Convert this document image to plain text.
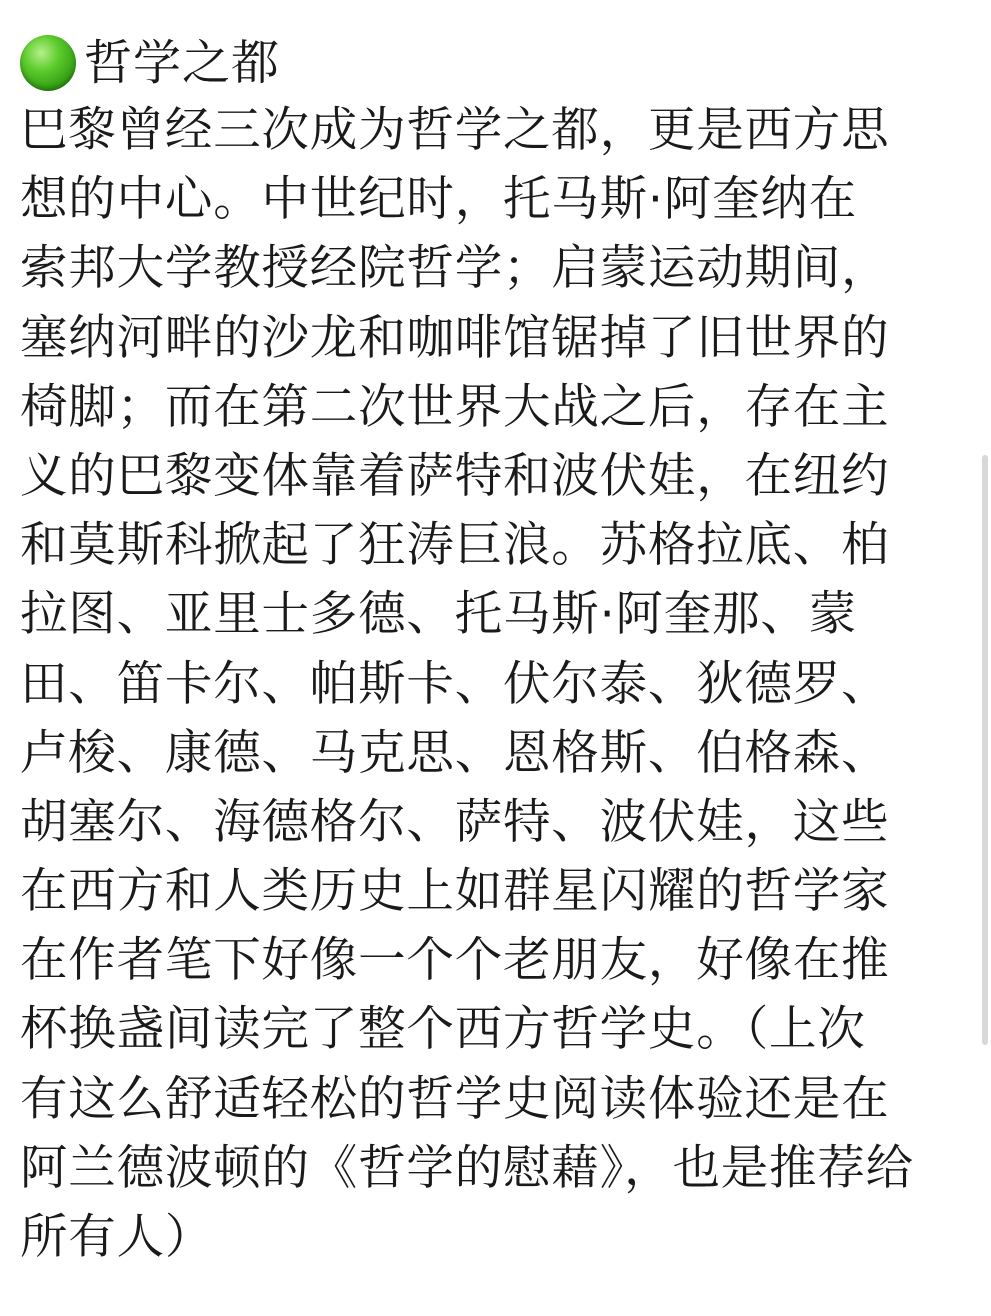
哲学之都
巴黎曾经三次成为哲学之都，更是西方思
想的中心。中世纪时，托马斯·阿奎纳在
索邦大学教授经院哲学；启蒙运动期间，
塞纳河畔的沙龙和咖啡馆锯掉了旧世界的
椅脚；而在第二次世界大战之后，存在主
义的巴黎变体靠着萨特和波伏娃，在纽约
和莫斯科掀起了狂涛巨浪。苏格拉底、柏
拉图、亚里士多德、托马斯·阿奎那、蒙
田、笛卡尔、帕斯卡、伏尔泰、狄德罗、
卢梭、康德、马克思、恩格斯、伯格森、
胡塞尔、海德格尔、萨特、波伏娃，这些
在西方和人类历史上如群星闪耀的哲学家
在作者笔下好像一个个老朋友，好像在推
杯换盏间读完了整个西方哲学史。（上次
有这么舒适轻松的哲学史阅读体验还是在
阿兰德波顿的《哲学的慰藉》，也是推荐给
所有人）
